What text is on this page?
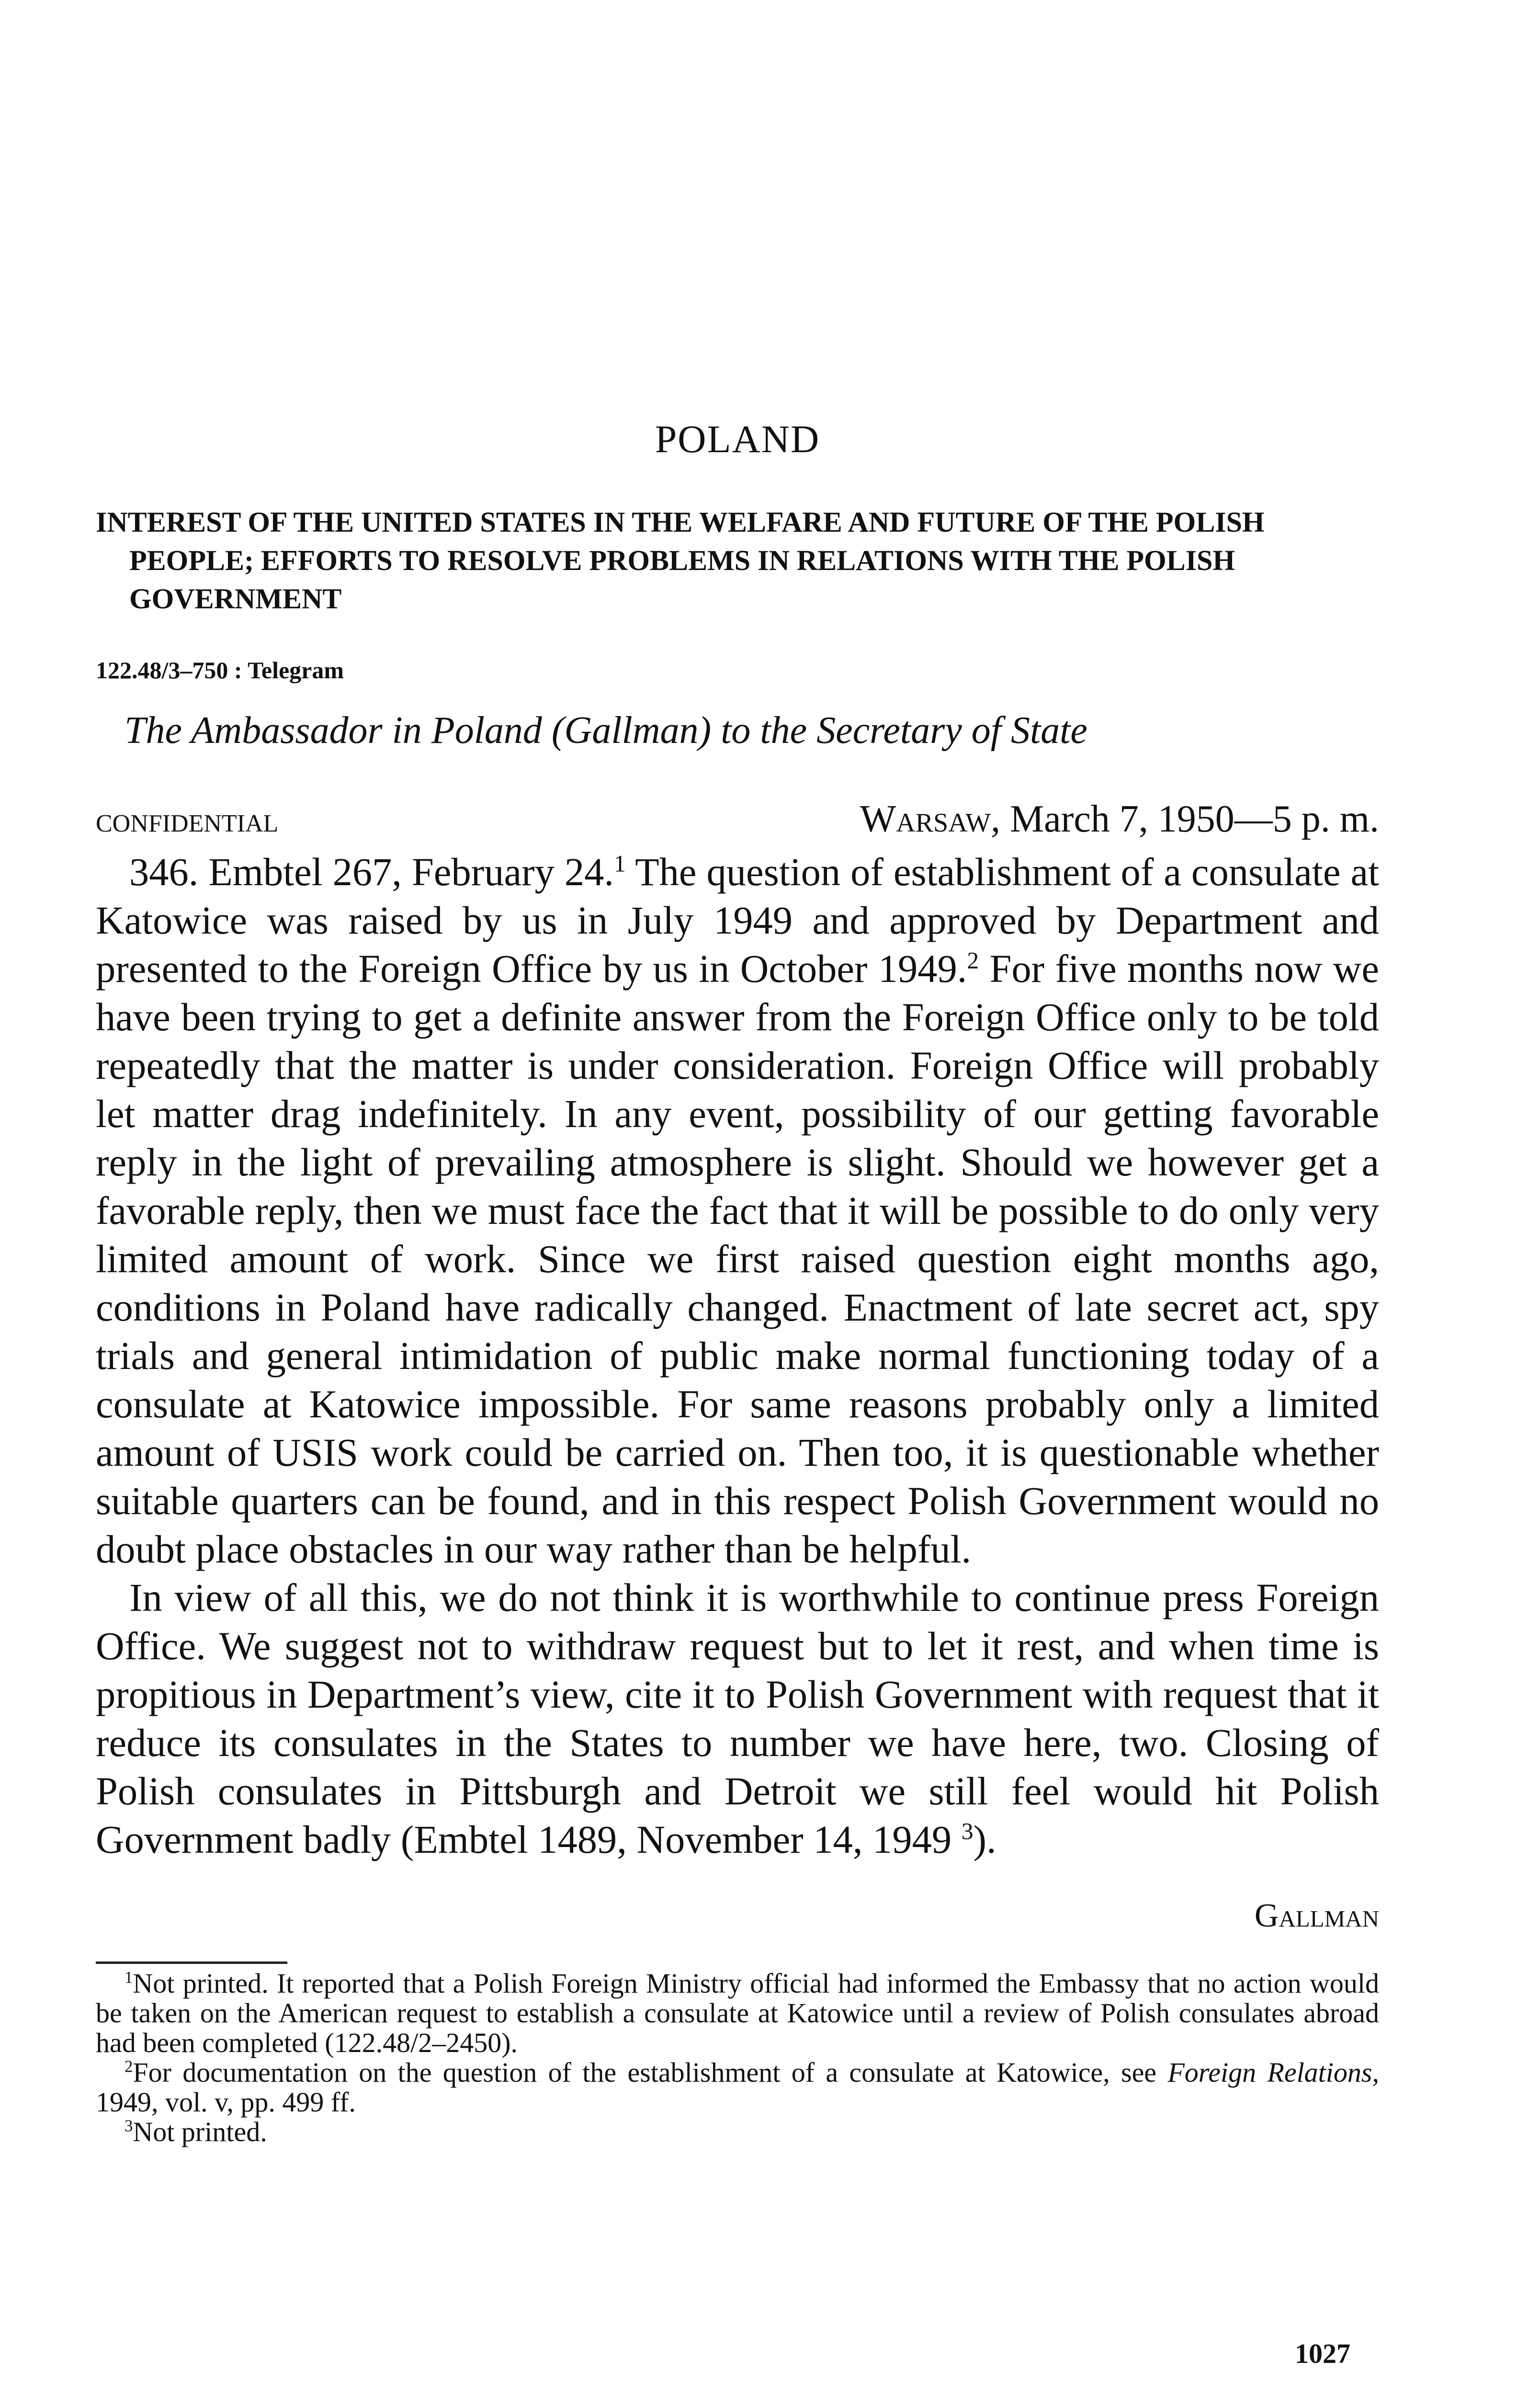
POLAND
INTEREST OF THE UNITED STATES IN THE WELFARE AND FUTURE OF THE POLISH PEOPLE; EFFORTS TO RESOLVE PROBLEMS IN RELATIONS WITH THE POLISH GOVERNMENT
122.48/3–750 : Telegram
The Ambassador in Poland (Gallman) to the Secretary of State
CONFIDENTIAL	Warsaw, March 7, 1950—5 p. m.

346. Embtel 267, February 24.$^1$ The question of establishment of a consulate at Katowice was raised by us in July 1949 and approved by Department and presented to the Foreign Office by us in October 1949.$^2$ For five months now we have been trying to get a definite answer from the Foreign Office only to be told repeatedly that the matter is under consideration. Foreign Office will probably let matter drag indefinitely. In any event, possibility of our getting favorable reply in the light of prevailing atmosphere is slight. Should we however get a favorable reply, then we must face the fact that it will be possible to do only very limited amount of work. Since we first raised question eight months ago, conditions in Poland have radically changed. Enactment of late secret act, spy trials and general intimidation of public make normal functioning today of a consulate at Katowice impossible. For same reasons probably only a limited amount of USIS work could be carried on. Then too, it is questionable whether suitable quarters can be found, and in this respect Polish Government would no doubt place obstacles in our way rather than be helpful.

In view of all this, we do not think it is worthwhile to continue press Foreign Office. We suggest not to withdraw request but to let it rest, and when time is propitious in Department’s view, cite it to Polish Government with request that it reduce its consulates in the States to number we have here, two. Closing of Polish consulates in Pittsburgh and Detroit we still feel would hit Polish Government badly (Embtel 1489, November 14, 1949 $^3$).

Gallman

$^1$Not printed. It reported that a Polish Foreign Ministry official had informed the Embassy that no action would be taken on the American request to establish a consulate at Katowice until a review of Polish consulates abroad had been completed (122.48/2–2450).

$^2$For documentation on the question of the establishment of a consulate at Katowice, see Foreign Relations, 1949, vol. v, pp. 499 ff.

$^3$Not printed.

1027
